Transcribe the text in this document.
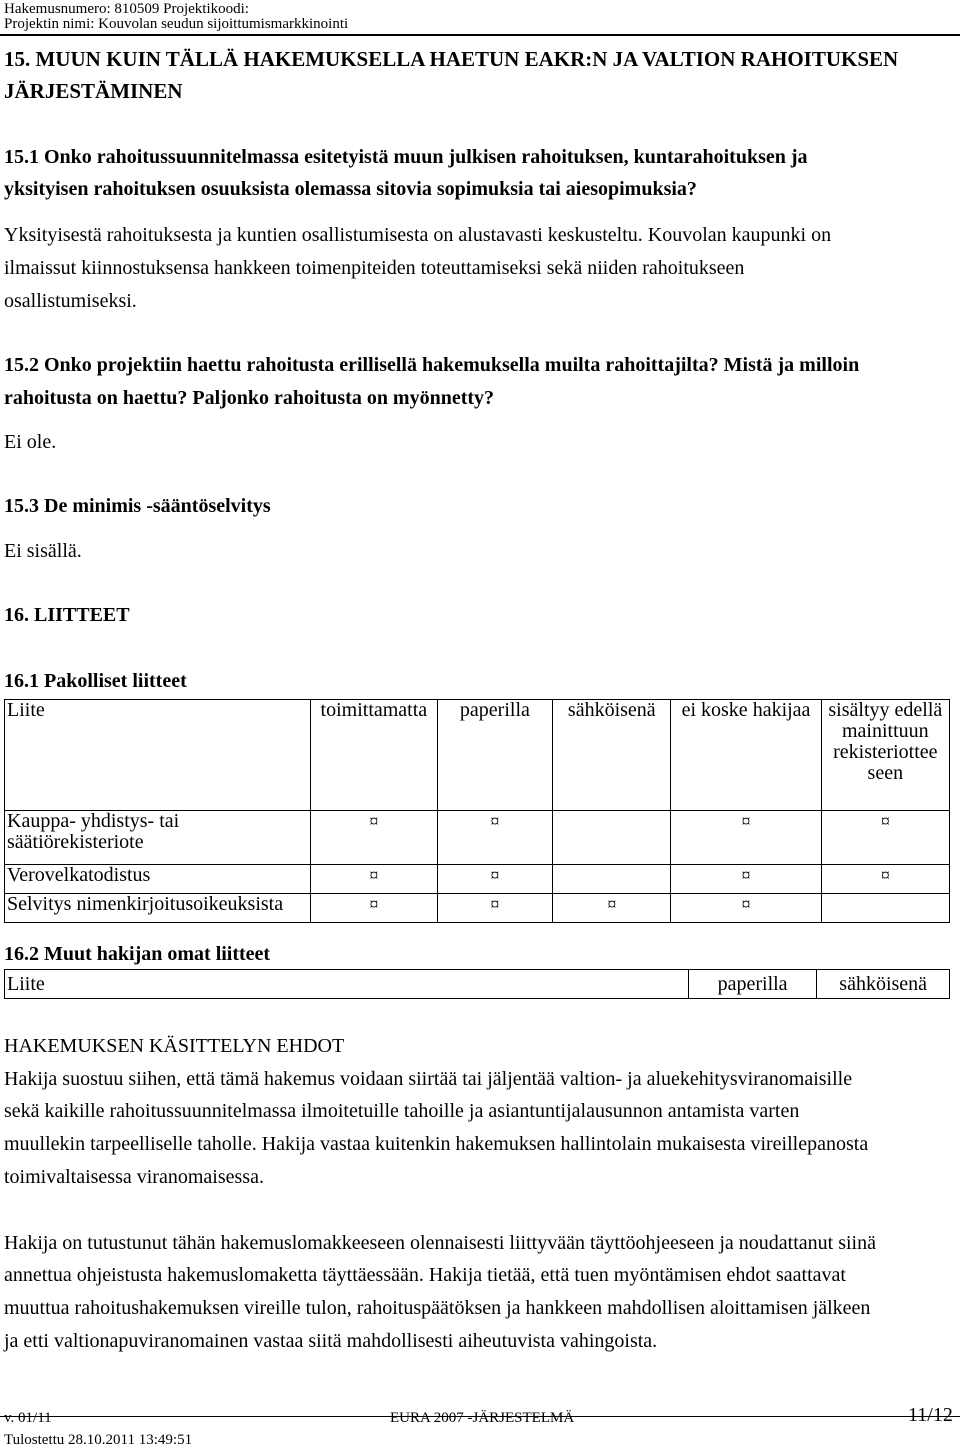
Hakemusnumero: 810509 Projektikoodi:
Projektin nimi: Kouvolan seudun sijoittumismarkkinointi
15. MUUN KUIN TÄLLÄ HAKEMUKSELLA HAETUN EAKR:N JA VALTION RAHOITUKSEN
JÄRJESTÄMINEN
15.1 Onko rahoitussuunnitelmassa esitetyistä muun julkisen rahoituksen, kuntarahoituksen ja
yksityisen rahoituksen osuuksista olemassa sitovia sopimuksia tai aiesopimuksia?
Yksityisestä rahoituksesta ja kuntien osallistumisesta on alustavasti keskusteltu. Kouvolan kaupunki on
ilmaissut kiinnostuksensa hankkeen toimenpiteiden toteuttamiseksi sekä niiden rahoitukseen
osallistumiseksi.
15.2 Onko projektiin haettu rahoitusta erillisellä hakemuksella muilta rahoittajilta? Mistä ja milloin
rahoitusta on haettu? Paljonko rahoitusta on myönnetty?
Ei ole.
15.3 De minimis -sääntöselvitys
Ei sisällä.
16. LIITTEET
16.1 Pakolliset liitteet
Liite	toimittamatta	paperilla	sähköisenä	ei koske hakijaa	sisältyy edellä mainittuun rekisteriottee seen
Kauppa- yhdistys- tai säätiörekisteriote	¤	¤		¤	¤
Verovelkatodistus	¤	¤		¤	¤
Selvitys nimenkirjoitusoikeuksista	¤	¤	¤	¤	
16.2 Muut hakijan omat liitteet
Liite	paperilla	sähköisenä
HAKEMUKSEN KÄSITTELYN EHDOT
Hakija suostuu siihen, että tämä hakemus voidaan siirtää tai jäljentää valtion- ja aluekehitysviranomaisille
sekä kaikille rahoitussuunnitelmassa ilmoitetuille tahoille ja asiantuntijalausunnon antamista varten
muullekin tarpeelliselle taholle. Hakija vastaa kuitenkin hakemuksen hallintolain mukaisesta vireillepanosta
toimivaltaisessa viranomaisessa.
Hakija on tutustunut tähän hakemuslomakkeeseen olennaisesti liittyvään täyttöohjeeseen ja noudattanut siinä
annettua ohjeistusta hakemuslomaketta täyttäessään. Hakija tietää, että tuen myöntämisen ehdot saattavat
muuttua rahoitushakemuksen vireille tulon, rahoituspäätöksen ja hankkeen mahdollisen aloittamisen jälkeen
ja etti valtionapuviranomainen vastaa siitä mahdollisesti aiheutuvista vahingoista.
v. 01/11	EURA 2007 -JÄRJESTELMÄ	11/12
Tulostettu 28.10.2011 13:49:51
